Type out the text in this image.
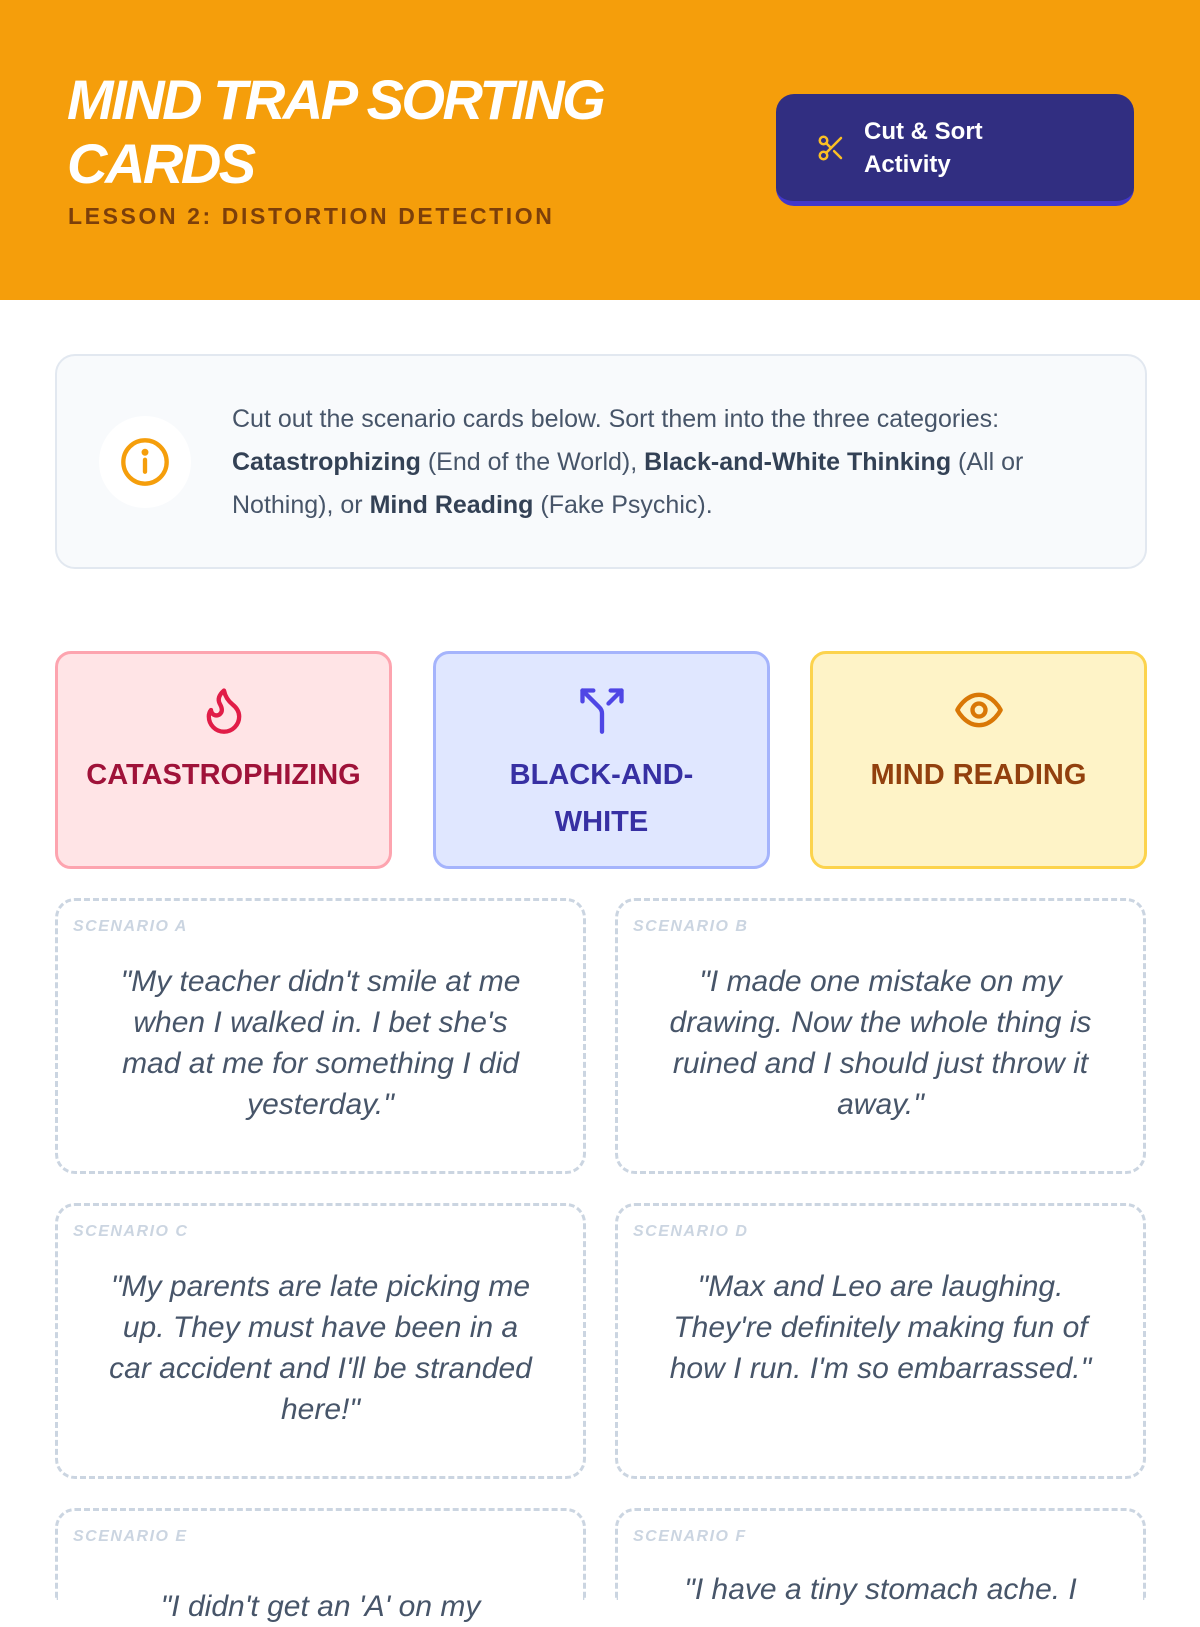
MIND TRAP SORTING CARDS
LESSON 2: DISTORTION DETECTION
Cut & Sort Activity

Cut out the scenario cards below. Sort them into the three categories: Catastrophizing (End of the World), Black-and-White Thinking (All or Nothing), or Mind Reading (Fake Psychic).

CATASTROPHIZING	BLACK-AND-WHITE
MIND READING
SCENARIO A

"My teacher didn't smile at me when I walked in. I bet she's mad at me for something I did yesterday."

SCENARIO B

"I made one mistake on my drawing. Now the whole thing is ruined and I should just throw it away."

SCENARIO C

"My parents are late picking me up. They must have been in a car accident and I'll be stranded here!"

SCENARIO D

"Max and Leo are laughing. They're definitely making fun of how I run. I'm so embarrassed."

SCENARIO E

"I didn't get an 'A' on my

SCENARIO F

"I have a tiny stomach ache. I
